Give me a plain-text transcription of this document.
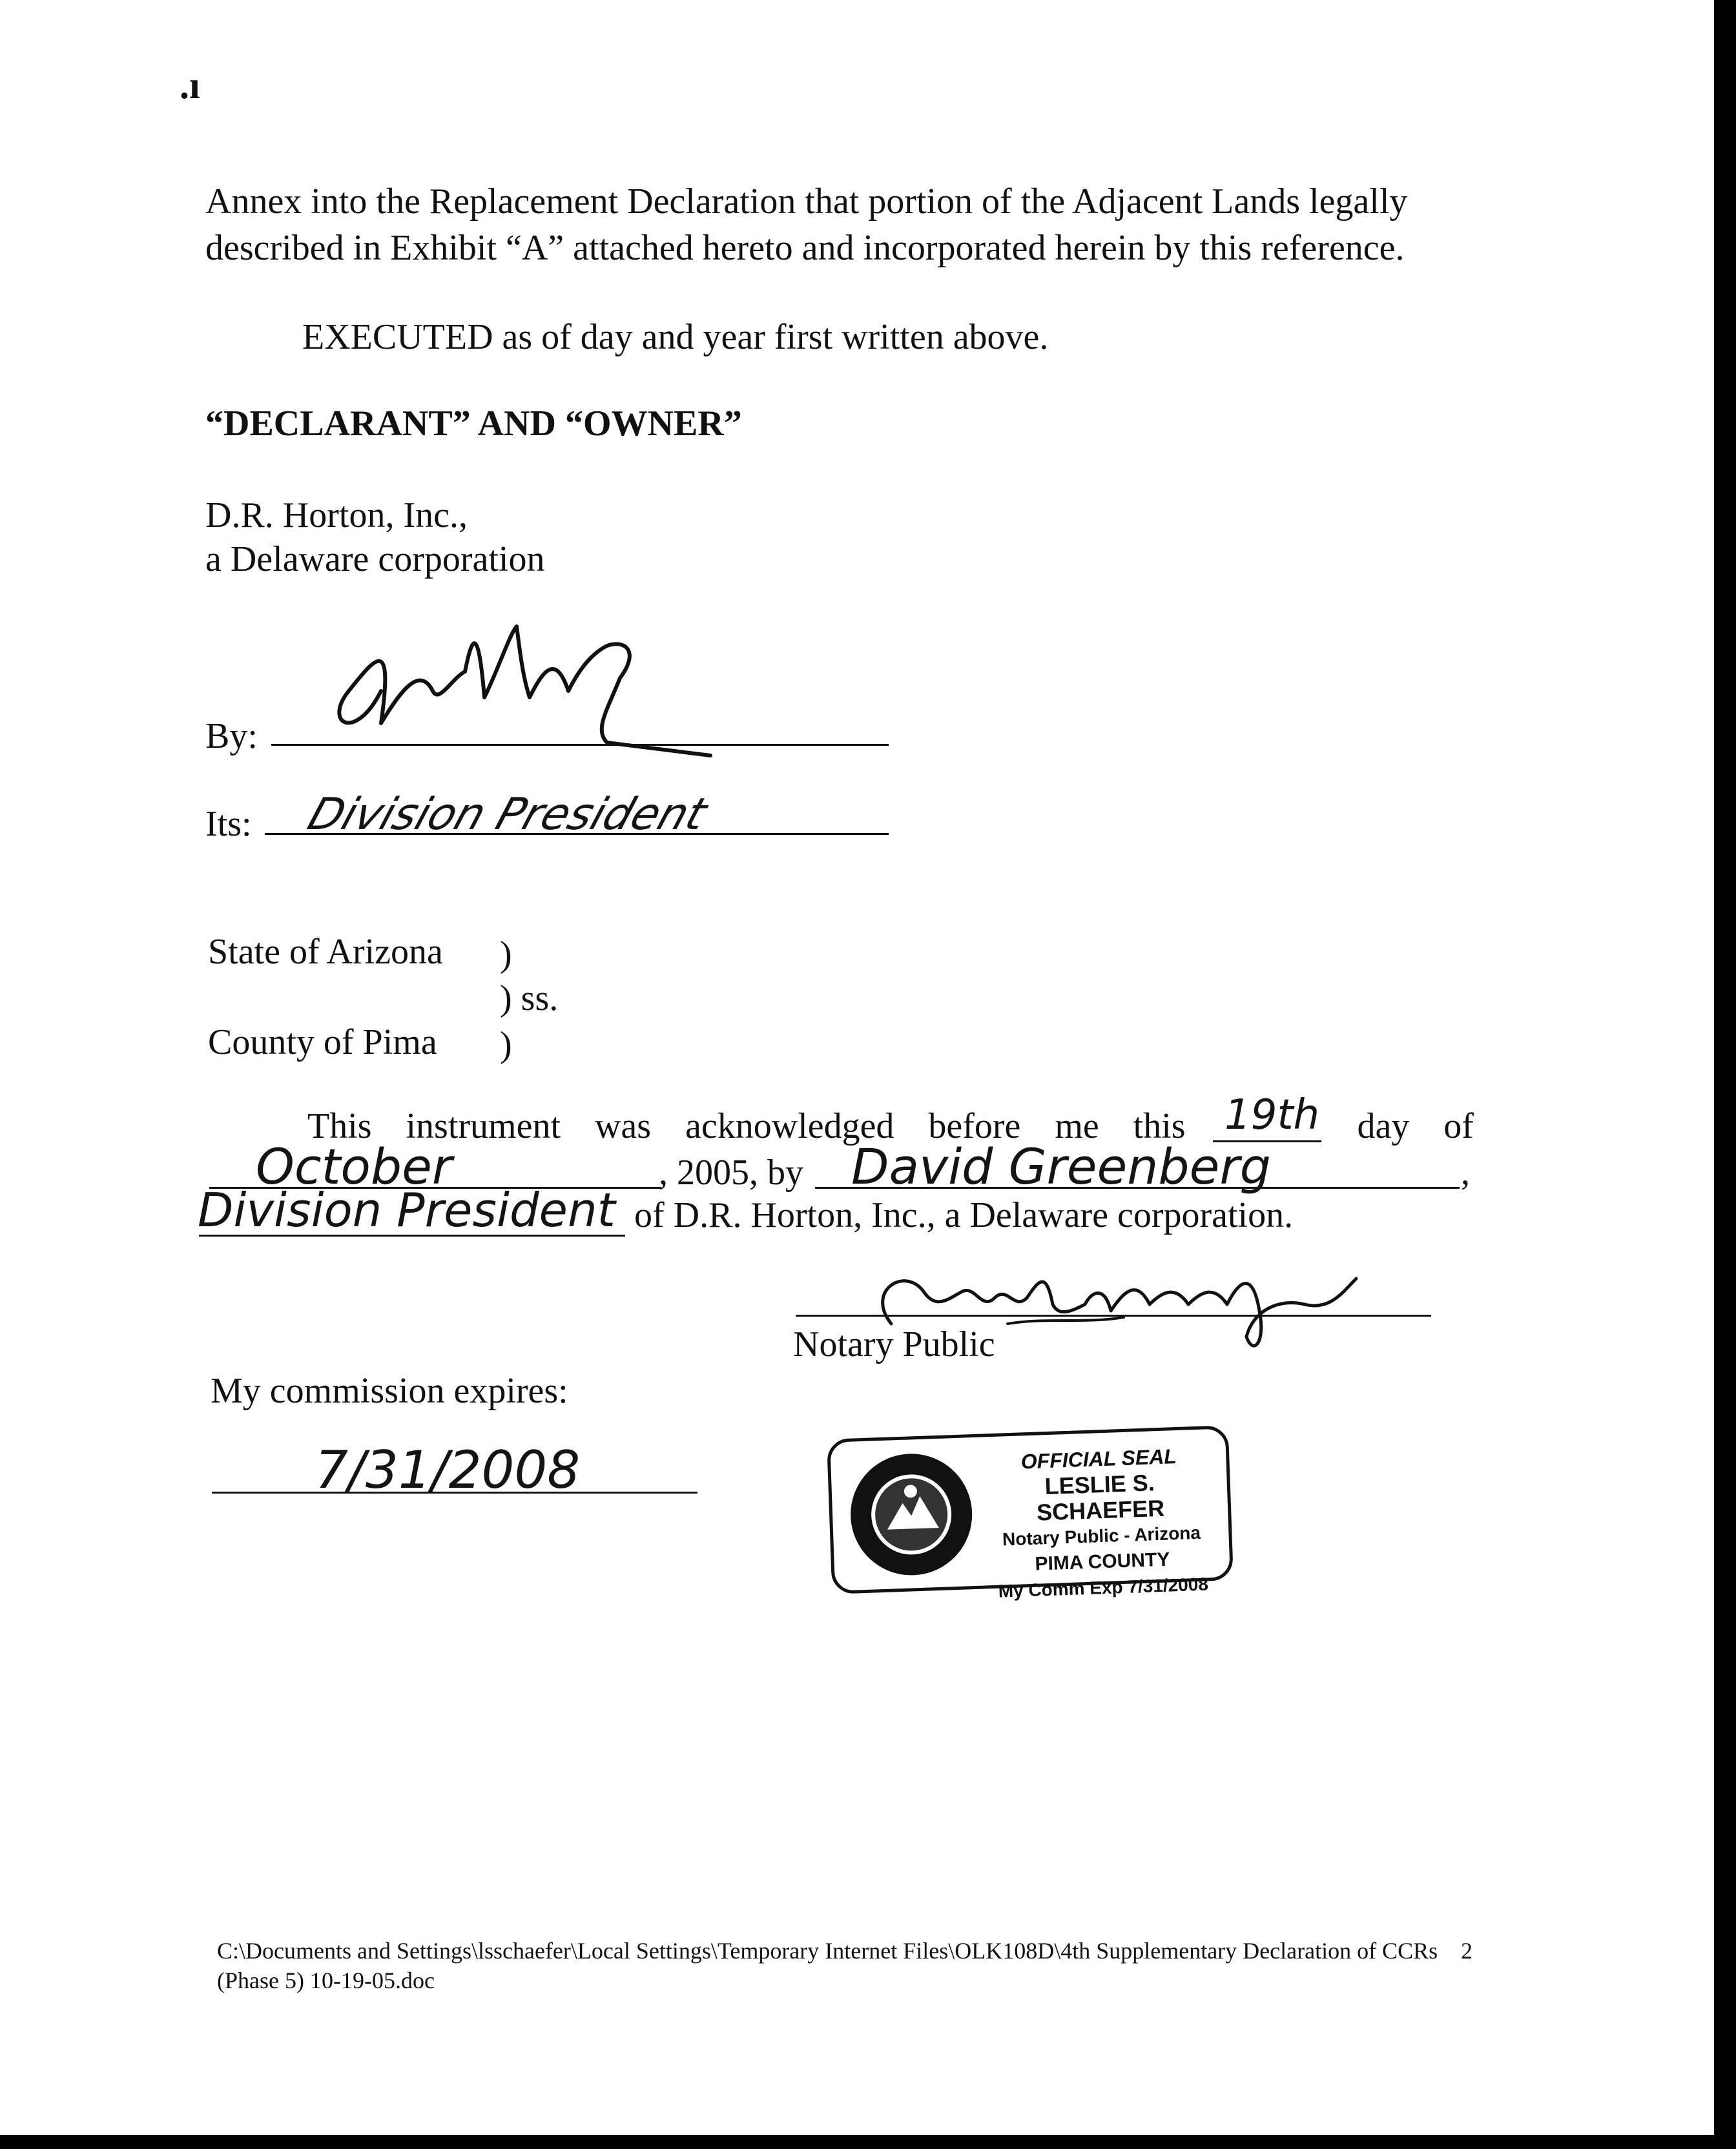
.ı
Annex into the Replacement Declaration that portion of the Adjacent Lands legally
described in Exhibit “A” attached hereto and incorporated herein by this reference.
EXECUTED as of day and year first written above.
“DECLARANT” AND “OWNER”
D.R. Horton, Inc.,
a Delaware corporation
By:
Its: Division President
State of Arizona )
) ss.
County of Pima )
This instrument was acknowledged before me this	day of
19th
October	, 2005, by David Greenberg	,
Division President of D.R. Horton, Inc., a Delaware corporation.
Notary Public
My commission expires:
7/31/2008	OFFICIAL SEAL
LESLIE S. SCHAEFER
Notary Public - Arizona
PIMA COUNTY
My Comm Exp 7/31/2008
C:\Documents and Settings\lsschaefer\Local Settings\Temporary Internet Files\OLK108D\4th Supplementary Declaration of CCRs (Phase 5) 10-19-05.doc
2
